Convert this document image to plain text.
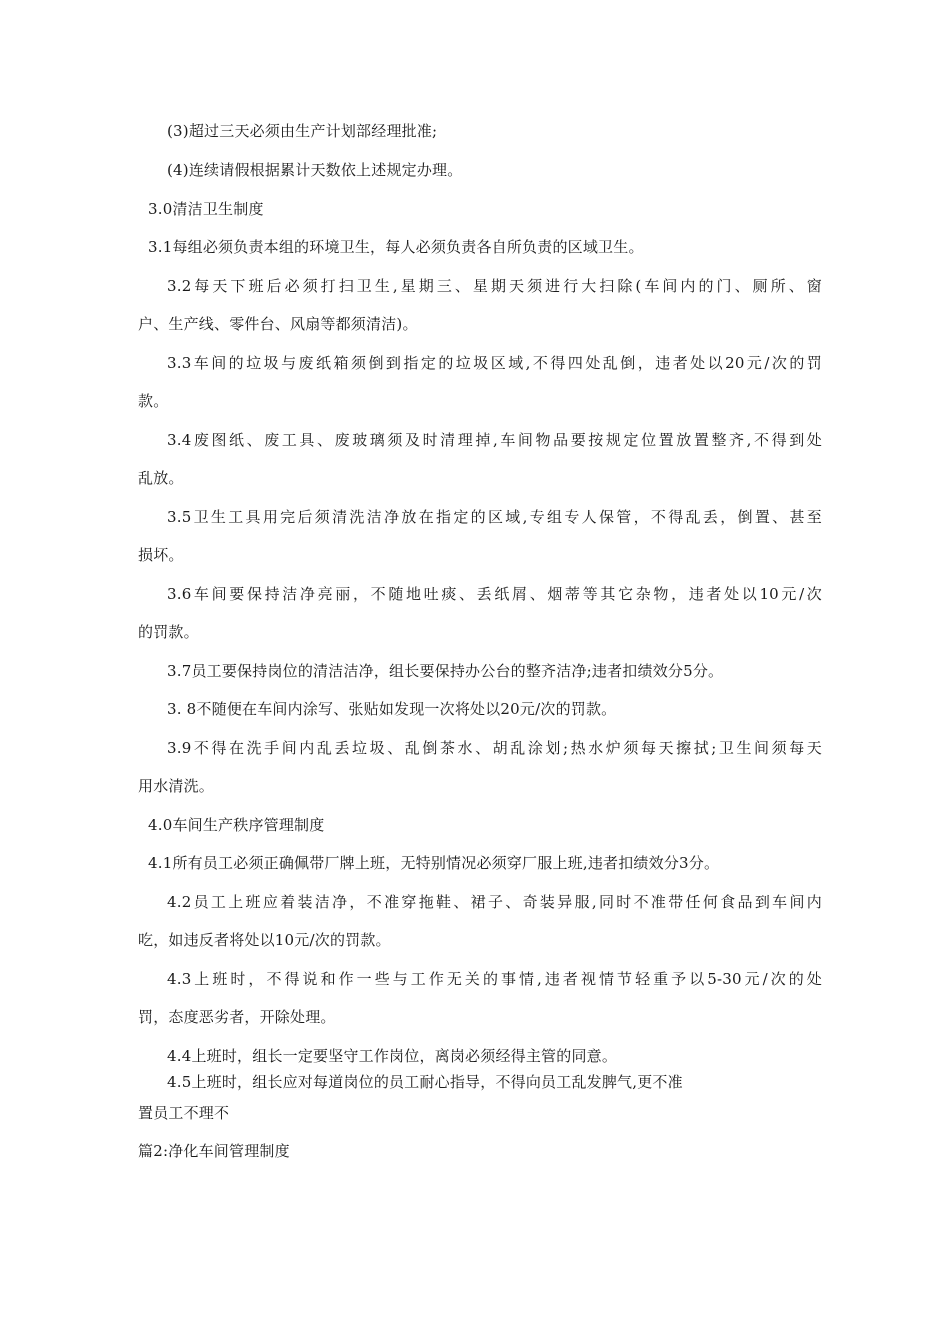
(3)超过三天必须由生产计划部经理批准;
(4)连续请假根据累计天数依上述规定办理。
3.0清洁卫生制度
3.1每组必须负责本组的环境卫生，每人必须负责各自所负责的区域卫生。
3.2每天下班后必须打扫卫生,星期三、星期天须进行大扫除(车间内的门、厕所、窗
户、生产线、零件台、风扇等都须清洁)。
3.3车间的垃圾与废纸箱须倒到指定的垃圾区域,不得四处乱倒，违者处以20元/次的罚
款。
3.4废图纸、废工具、废玻璃须及时清理掉,车间物品要按规定位置放置整齐,不得到处
乱放。
3.5卫生工具用完后须清洗洁净放在指定的区域,专组专人保管，不得乱丢，倒置、甚至
损坏。
3.6车间要保持洁净亮丽，不随地吐痰、丢纸屑、烟蒂等其它杂物，违者处以10元/次
的罚款。
3.7员工要保持岗位的清洁洁净，组长要保持办公台的整齐洁净;违者扣绩效分5分。
3. 8不随便在车间内涂写、张贴如发现一次将处以20元/次的罚款。
3.9不得在洗手间内乱丢垃圾、乱倒茶水、胡乱涂划;热水炉须每天擦拭;卫生间须每天
用水清洗。
4.0车间生产秩序管理制度
4.1所有员工必须正确佩带厂牌上班，无特别情况必须穿厂服上班,违者扣绩效分3分。
4.2员工上班应着装洁净，不准穿拖鞋、裙子、奇装异服,同时不准带任何食品到车间内
吃，如违反者将处以10元/次的罚款。
4.3上班时，不得说和作一些与工作无关的事情,违者视情节轻重予以5-30元/次的处
罚，态度恶劣者，开除处理。
4.4上班时，组长一定要坚守工作岗位，离岗必须经得主管的同意。
4.5上班时，组长应对每道岗位的员工耐心指导，不得向员工乱发脾气,更不准
置员工不理不
篇2:净化车间管理制度
